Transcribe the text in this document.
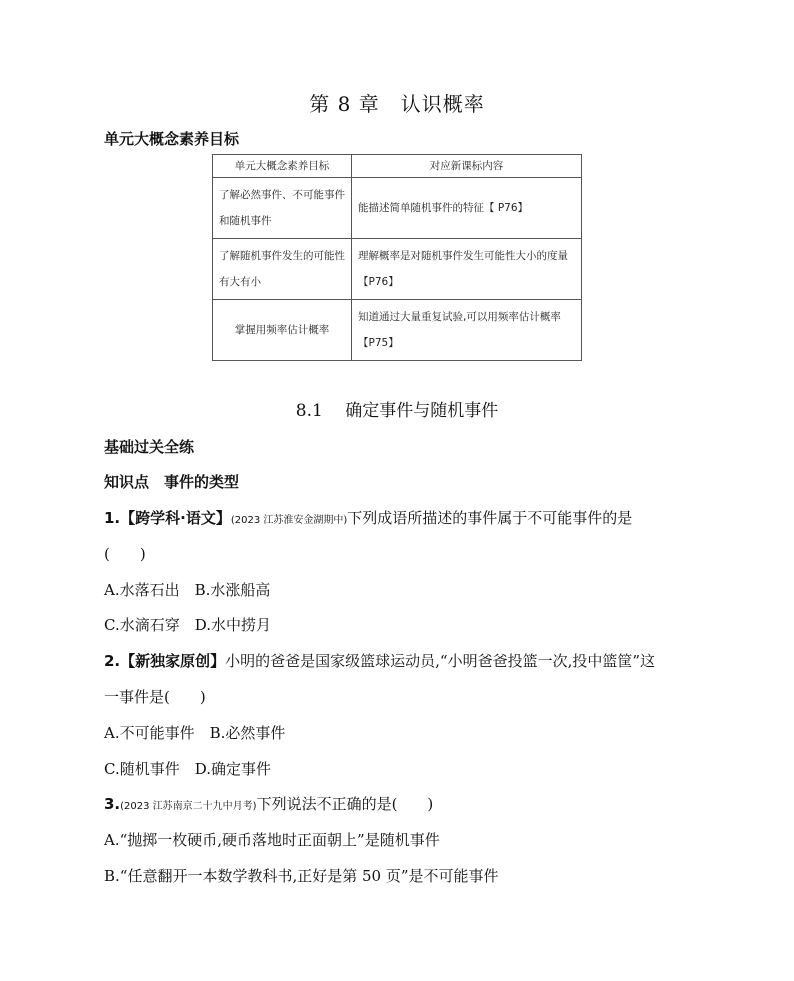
第 8 章　认识概率
单元大概念素养目标
单元大概念素养目标	对应新课标内容
了解必然事件、不可能事件和随机事件	能描述简单随机事件的特征【 P76】
了解随机事件发生的可能性有大有小	理解概率是对随机事件发生可能性大小的度量【P76】
掌握用频率估计概率	知道通过大量重复试验,可以用频率估计概率【P75】
8.1　 确定事件与随机事件
基础过关全练
知识点　事件的类型
1.【跨学科·语文】(2023 江苏淮安金湖期中)下列成语所描述的事件属于不可能事件的是
(　　)
A.水落石出　B.水涨船高
C.水滴石穿　D.水中捞月
2.【新独家原创】小明的爸爸是国家级篮球运动员,“小明爸爸投篮一次,投中篮筐”这
一事件是(　　)
A.不可能事件　B.必然事件
C.随机事件　D.确定事件
3.(2023 江苏南京二十九中月考)下列说法不正确的是(　　)
A.“抛掷一枚硬币,硬币落地时正面朝上”是随机事件
B.“任意翻开一本数学教科书,正好是第 50 页”是不可能事件
